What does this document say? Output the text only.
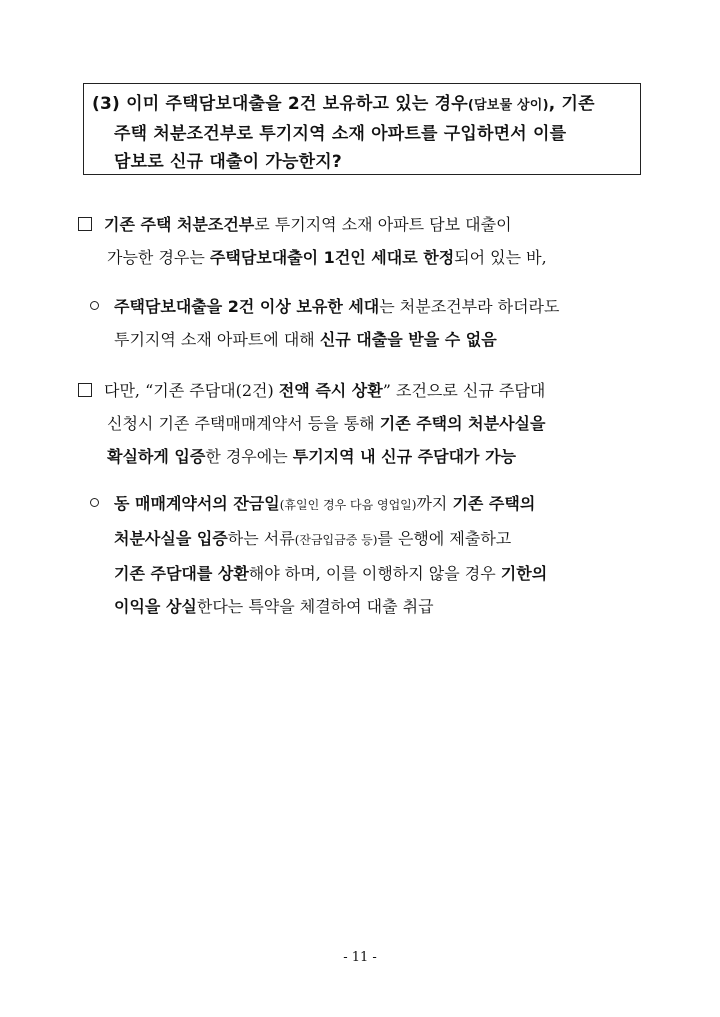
(3) 이미 주택담보대출을 2건 보유하고 있는 경우(담보물 상이), 기존
주택 처분조건부로 투기지역 소재 아파트를 구입하면서 이를
담보로 신규 대출이 가능한지?
기존 주택 처분조건부로 투기지역 소재 아파트 담보 대출이
가능한 경우는 주택담보대출이 1건인 세대로 한정되어 있는 바,
주택담보대출을 2건 이상 보유한 세대는 처분조건부라 하더라도
투기지역 소재 아파트에 대해 신규 대출을 받을 수 없음
다만, “기존 주담대(2건) 전액 즉시 상환” 조건으로 신규 주담대
신청시 기존 주택매매계약서 등을 통해 기존 주택의 처분사실을
확실하게 입증한 경우에는 투기지역 내 신규 주담대가 가능
동 매매계약서의 잔금일(휴일인 경우 다음 영업일)까지 기존 주택의
처분사실을 입증하는 서류(잔금입금증 등)를 은행에 제출하고
기존 주담대를 상환해야 하며, 이를 이행하지 않을 경우 기한의
이익을 상실한다는 특약을 체결하여 대출 취급
- 11 -
